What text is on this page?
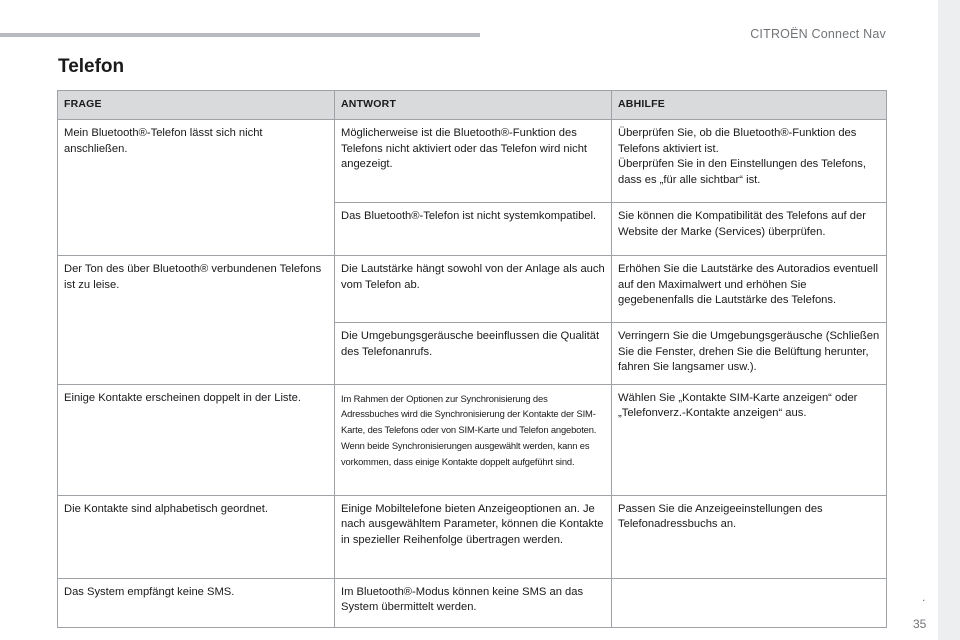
CITROËN Connect Nav
Telefon
FRAGE	ANTWORT	ABHILFE
Mein Bluetooth®-Telefon lässt sich nicht anschließen.	Möglicherweise ist die Bluetooth®-Funktion des Telefons nicht aktiviert oder das Telefon wird nicht angezeigt.	Überprüfen Sie, ob die Bluetooth®-Funktion des Telefons aktiviert ist.
Überprüfen Sie in den Einstellungen des Telefons, dass es „für alle sichtbar“ ist.
	Das Bluetooth®-Telefon ist nicht systemkompatibel.	Sie können die Kompatibilität des Telefons auf der Website der Marke (Services) überprüfen.
Der Ton des über Bluetooth® verbundenen Telefons ist zu leise.	Die Lautstärke hängt sowohl von der Anlage als auch vom Telefon ab.	Erhöhen Sie die Lautstärke des Autoradios eventuell auf den Maximalwert und erhöhen Sie gegebenenfalls die Lautstärke des Telefons.
	Die Umgebungsgeräusche beeinflussen die Qualität des Telefonanrufs.	Verringern Sie die Umgebungsgeräusche (Schließen Sie die Fenster, drehen Sie die Belüftung herunter, fahren Sie langsamer usw.).
Einige Kontakte erscheinen doppelt in der Liste.	Im Rahmen der Optionen zur Synchronisierung des Adressbuches wird die Synchronisierung der Kontakte der SIM-Karte, des Telefons oder von SIM-Karte und Telefon angeboten. Wenn beide Synchronisierungen ausgewählt werden, kann es vorkommen, dass einige Kontakte doppelt aufgeführt sind.	Wählen Sie „Kontakte SIM-Karte anzeigen“ oder „Telefonverz.-Kontakte anzeigen“ aus.
Die Kontakte sind alphabetisch geordnet.	Einige Mobiltelefone bieten Anzeigeoptionen an. Je nach ausgewähltem Parameter, können die Kontakte in spezieller Reihenfolge übertragen werden.	Passen Sie die Anzeigeeinstellungen des Telefonadressbuchs an.
Das System empfängt keine SMS.	Im Bluetooth®-Modus können keine SMS an das System übermittelt werden.	
.
35
